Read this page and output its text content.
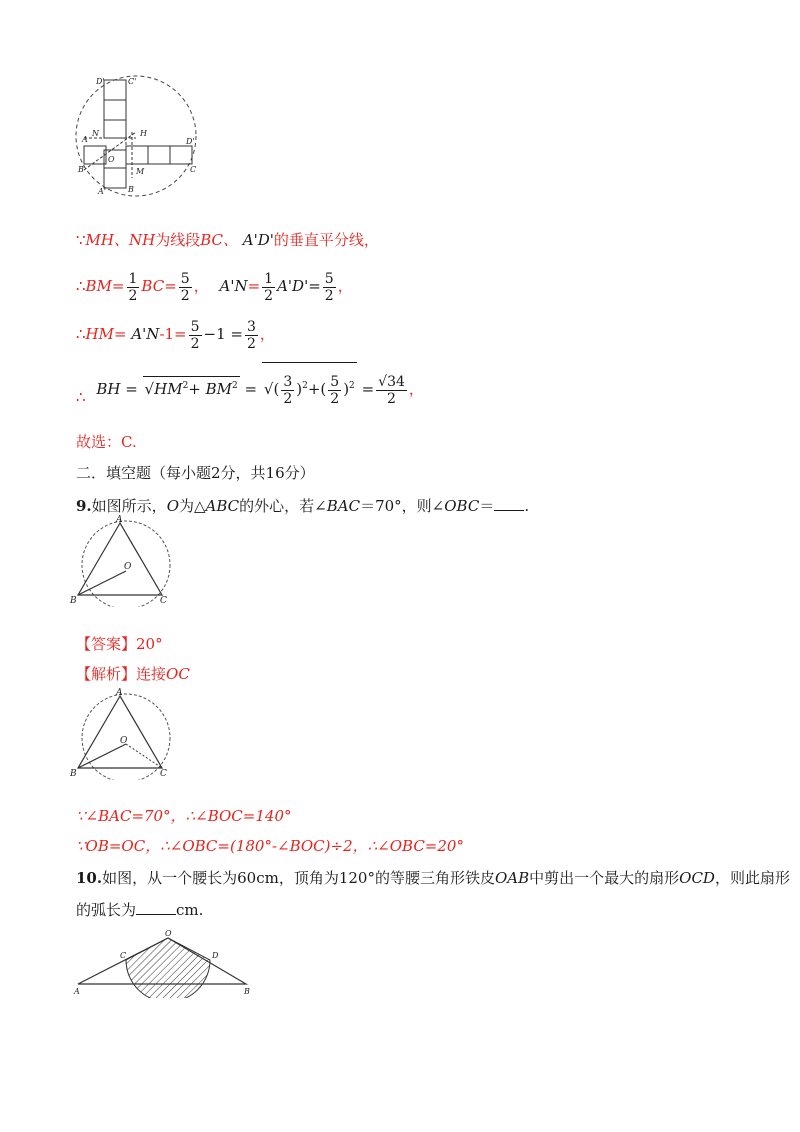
D'	C'
A
N	H
D'
O
B	M	C
A'	B
∵MH、NH为线段BC、 A'D'的垂直平分线，
∴BM= $\frac{1}{2} BC= \frac{5}{2}$ ， $A'N= \frac{1}{2} A'D'= \frac{5}{2}$ ，
∴HM= $A'N-1= \frac{5}{2} -1 = \frac{3}{2}$ ，
∴ BH = $√HM^2+ BM^2$ = √( $\frac{3}{2} )^2+( \frac{5}{2} )^2 = \frac{√34}{2}$ ，
故选：C.
二．填空题（每小题2分，共16分）
9.如图所示，O为△ABC的外心，若∠BAC＝70°，则∠OBC＝ .
A
O
B	C
【答案】20°
【解析】连接OC
A
O
B	C
∵∠BAC=70°，∴∠BOC=140°
∵OB=OC，∴∠OBC=(180°-∠BOC)÷2，∴∠OBC=20°
10.如图，从一个腰长为60cm，顶角为120°的等腰三角形铁皮OAB中剪出一个最大的扇形OCD，则此扇形
的弧长为	cm.
O
C	D
A	B
